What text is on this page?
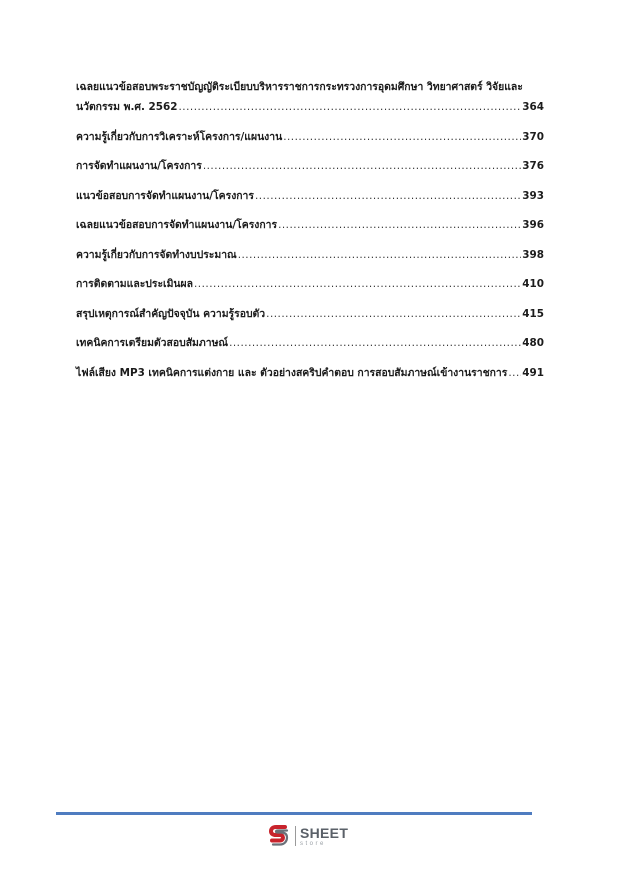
เฉลยแนวข้อสอบพระราชบัญญัติระเบียบบริหารราชการกระทรวงการอุดมศึกษา วิทยาศาสตร์ วิจัยและ
นวัตกรรม พ.ศ. 2562 .....	364
ความรู้เกี่ยวกับการวิเคราะห์โครงการ/แผนงาน .....	370
การจัดทำแผนงาน/โครงการ .....	376
แนวข้อสอบการจัดทำแผนงาน/โครงการ .....	393
เฉลยแนวข้อสอบการจัดทำแผนงาน/โครงการ .....	396
ความรู้เกี่ยวกับการจัดทำงบประมาณ .....	398
การติดตามและประเมินผล .....	410
สรุปเหตุการณ์สำคัญปัจจุบัน ความรู้รอบตัว .....	415
เทคนิคการเตรียมตัวสอบสัมภาษณ์ .....	480
ไฟล์เสียง MP3 เทคนิคการแต่งกาย และ ตัวอย่างสคริปคำตอบ การสอบสัมภาษณ์เข้างานราชการ ..... 491
SHEET
store
